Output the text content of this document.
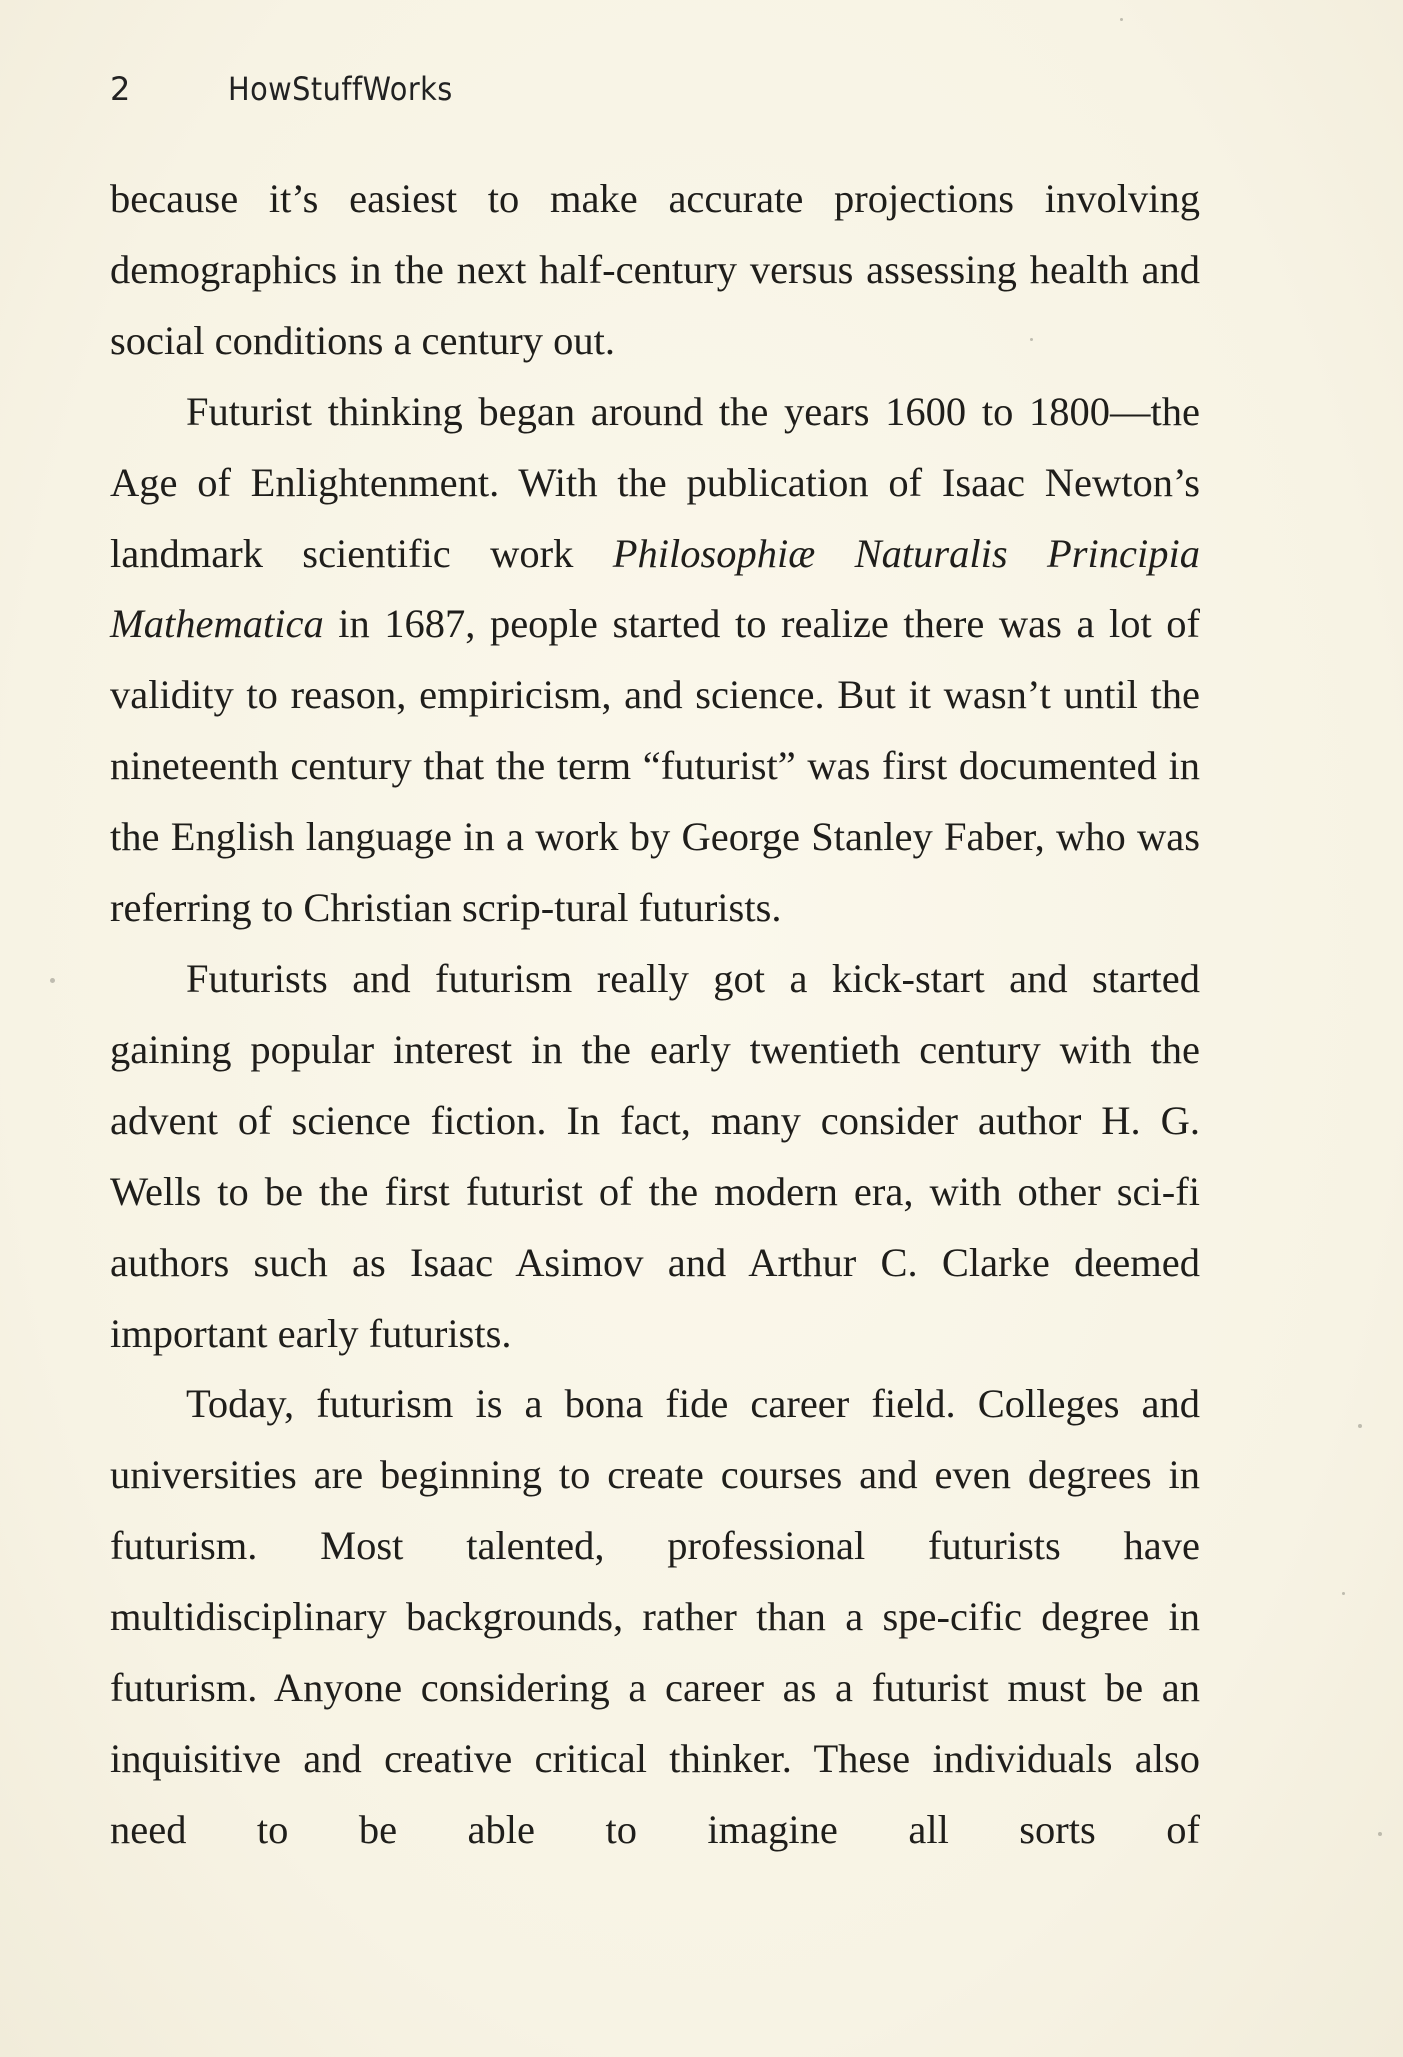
2	HowStuffWorks

because it’s easiest to make accurate projections involving demographics in the next half-century versus assessing health and social conditions a century out.

Futurist thinking began around the years 1600 to 1800—the Age of Enlightenment. With the publication of Isaac Newton’s landmark scientific work Philosophiæ Naturalis Principia Mathematica in 1687, people started to realize there was a lot of validity to reason, empiricism, and science. But it wasn’t until the nineteenth century that the term “futurist” was first documented in the English language in a work by George Stanley Faber, who was referring to Christian scrip-tural futurists.

Futurists and futurism really got a kick-start and started gaining popular interest in the early twentieth century with the advent of science fiction. In fact, many consider author H. G. Wells to be the first futurist of the modern era, with other sci-fi authors such as Isaac Asimov and Arthur C. Clarke deemed important early futurists.

Today, futurism is a bona fide career field. Colleges and universities are beginning to create courses and even degrees in futurism. Most talented, professional futurists have multidisciplinary backgrounds, rather than a spe-cific degree in futurism. Anyone considering a career as a futurist must be an inquisitive and creative critical thinker. These individuals also need to be able to imagine all sorts of
